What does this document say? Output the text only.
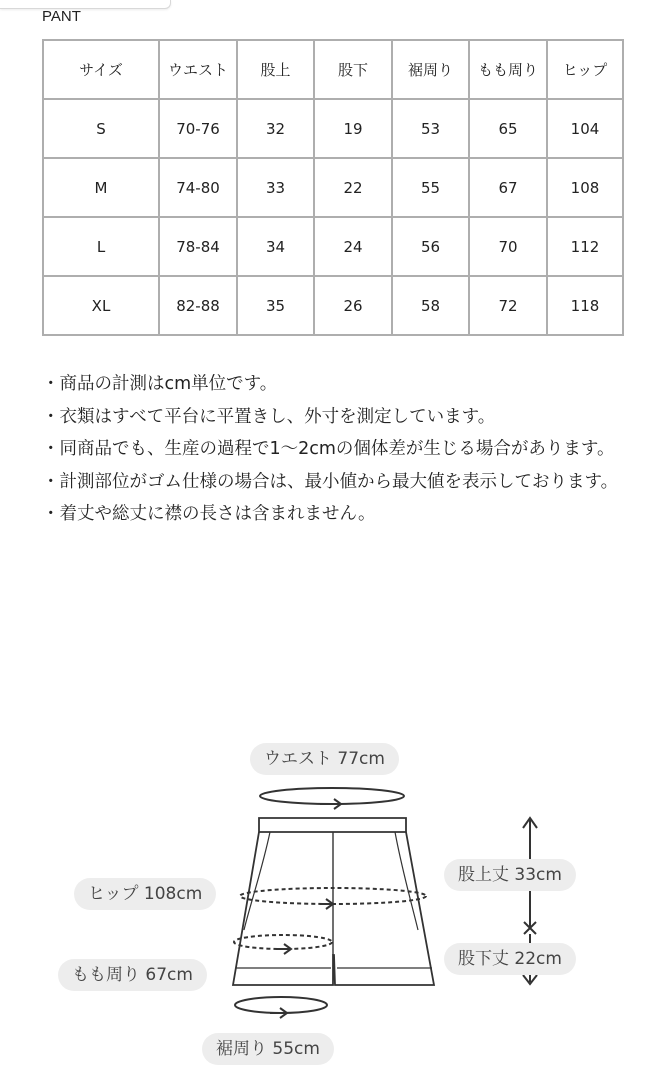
PANT
サイズ	ウエスト	股上	股下	裾周り	もも周り	ヒップ
S	70-76	32	19	53	65	104
M	74-80	33	22	55	67	108
L	78-84	34	24	56	70	112
XL	82-88	35	26	58	72	118

・商品の計測はcm単位です。

・衣類はすべて平台に平置きし、外寸を測定しています。

・同商品でも、生産の過程で1〜2cmの個体差が生じる場合があります。

・計測部位がゴム仕様の場合は、最小値から最大値を表示しております。

・着丈や総丈に襟の長さは含まれません。

ウエスト 77cm
ヒップ 108cm
もも周り 67cm
裾周り 55cm
股上丈 33cm
股下丈 22cm
